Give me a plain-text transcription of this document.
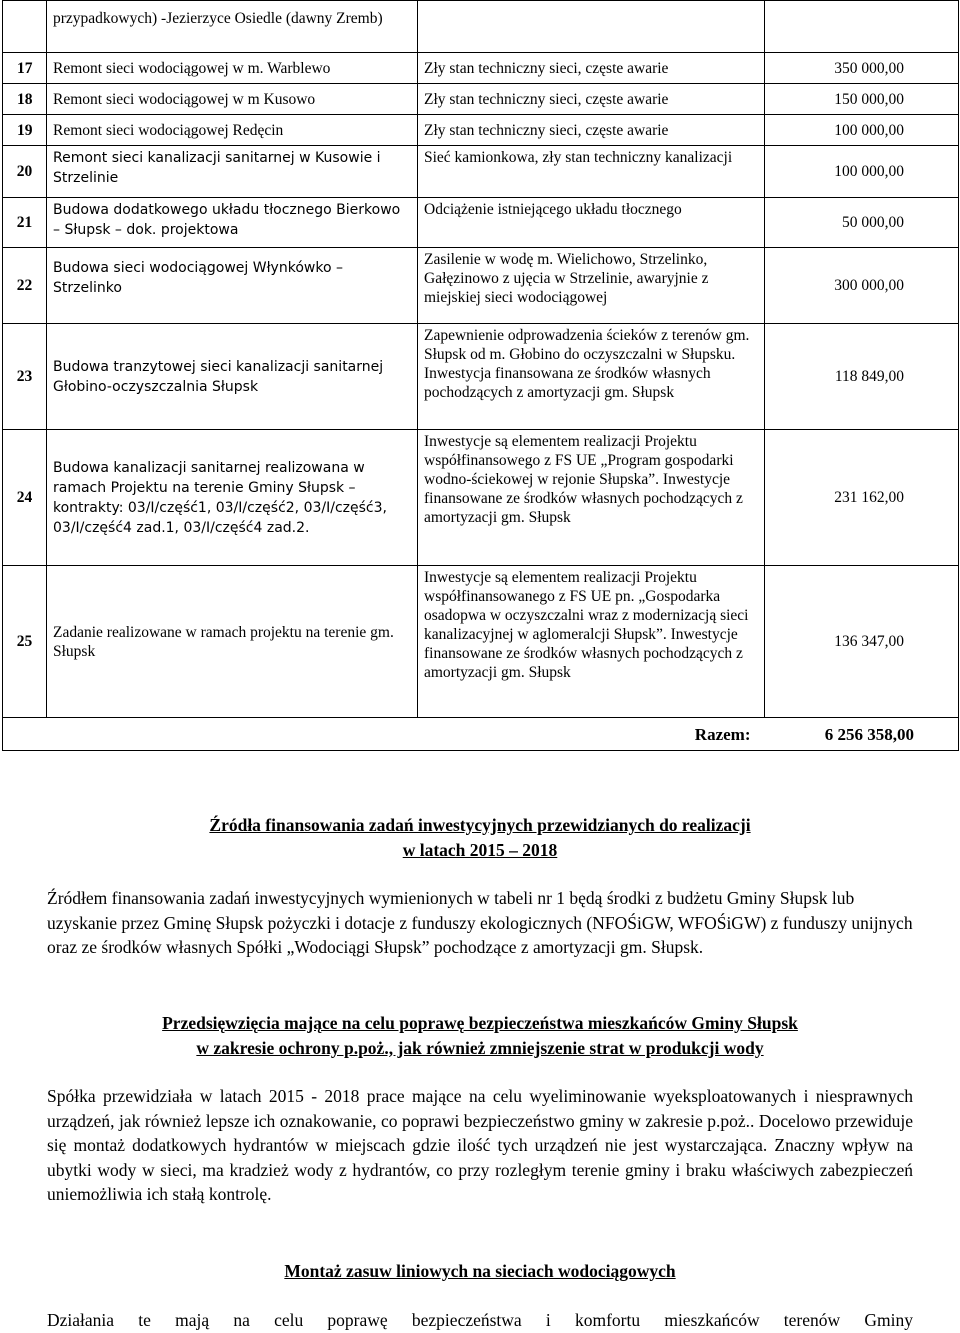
	przypadkowych) -Jezierzyce Osiedle (dawny Zremb)		
17	Remont sieci wodociągowej w m. Warblewo	Zły stan techniczny sieci, częste awarie	350 000,00
18	Remont sieci wodociągowej w m Kusowo	Zły stan techniczny sieci, częste awarie	150 000,00
19	Remont sieci wodociągowej Redęcin	Zły stan techniczny sieci, częste awarie	100 000,00
20	Remont sieci kanalizacji sanitarnej w Kusowie i Strzelinie	Sieć kamionkowa, zły stan techniczny kanalizacji	100 000,00
21	Budowa dodatkowego układu tłocznego Bierkowo – Słupsk – dok. projektowa	Odciążenie istniejącego układu tłocznego	50 000,00
22	Budowa sieci wodociągowej Włynkówko – Strzelinko	Zasilenie w wodę m. Wielichowo, Strzelinko, Gałęzinowo z ujęcia w Strzelinie, awaryjnie z miejskiej sieci wodociągowej	300 000,00
23	Budowa tranzytowej sieci kanalizacji sanitarnej Głobino-oczyszczalnia Słupsk	Zapewnienie odprowadzenia ścieków z terenów gm. Słupsk od m. Głobino do oczyszczalni w Słupsku. Inwestycja finansowana ze środków własnych pochodzących z amortyzacji gm. Słupsk	118 849,00
24	Budowa kanalizacji sanitarnej realizowana w ramach Projektu na terenie Gminy Słupsk – kontrakty: 03/I/część1, 03/I/część2, 03/I/część3, 03/I/część4 zad.1, 03/I/część4 zad.2.	Inwestycje są elementem realizacji Projektu współfinansowego z FS UE „Program gospodarki wodno-ściekowej w rejonie Słupska”. Inwestycje finansowane ze środków własnych pochodzących z amortyzacji gm. Słupsk	231 162,00
25	Zadanie realizowane w ramach projektu na terenie gm. Słupsk	Inwestycje są elementem realizacji Projektu współfinansowanego z FS UE pn. „Gospodarka osadopwa w oczyszczalni wraz z modernizacją sieci kanalizacyjnej w aglomeralcji Słupsk”. Inwestycje finansowane ze środków własnych pochodzących z amortyzacji gm. Słupsk	136 347,00
Razem:			6 256 358,00
Źródła finansowania zadań inwestycyjnych przewidzianych do realizacji
w latach 2015 – 2018
Źródłem finansowania zadań inwestycyjnych wymienionych w tabeli nr 1 będą środki z budżetu Gminy Słupsk lub uzyskanie przez Gminę Słupsk pożyczki i dotacje z funduszy ekologicznych (NFOŚiGW, WFOŚiGW) z funduszy unijnych oraz ze środków własnych Spółki „Wodociągi Słupsk” pochodzące z amortyzacji gm. Słupsk.
Przedsięwzięcia mające na celu poprawę bezpieczeństwa mieszkańców Gminy Słupsk
w zakresie ochrony p.poż., jak również zmniejszenie strat w produkcji wody
Spółka przewidziała w latach 2015 - 2018 prace mające na celu wyeliminowanie wyeksploatowanych i niesprawnych urządzeń, jak również lepsze ich oznakowanie, co poprawi bezpieczeństwo gminy w zakresie p.poż.. Docelowo przewiduje się montaż dodatkowych hydrantów w miejscach gdzie ilość tych urządzeń nie jest wystarczająca. Znaczny wpływ na ubytki wody w sieci, ma kradzież wody z hydrantów, co przy rozległym terenie gminy i braku właściwych zabezpieczeń uniemożliwia ich stałą kontrolę.
Montaż zasuw liniowych na sieciach wodociągowych
Działania te mają na celu poprawę bezpieczeństwa i komfortu mieszkańców terenów Gminy
